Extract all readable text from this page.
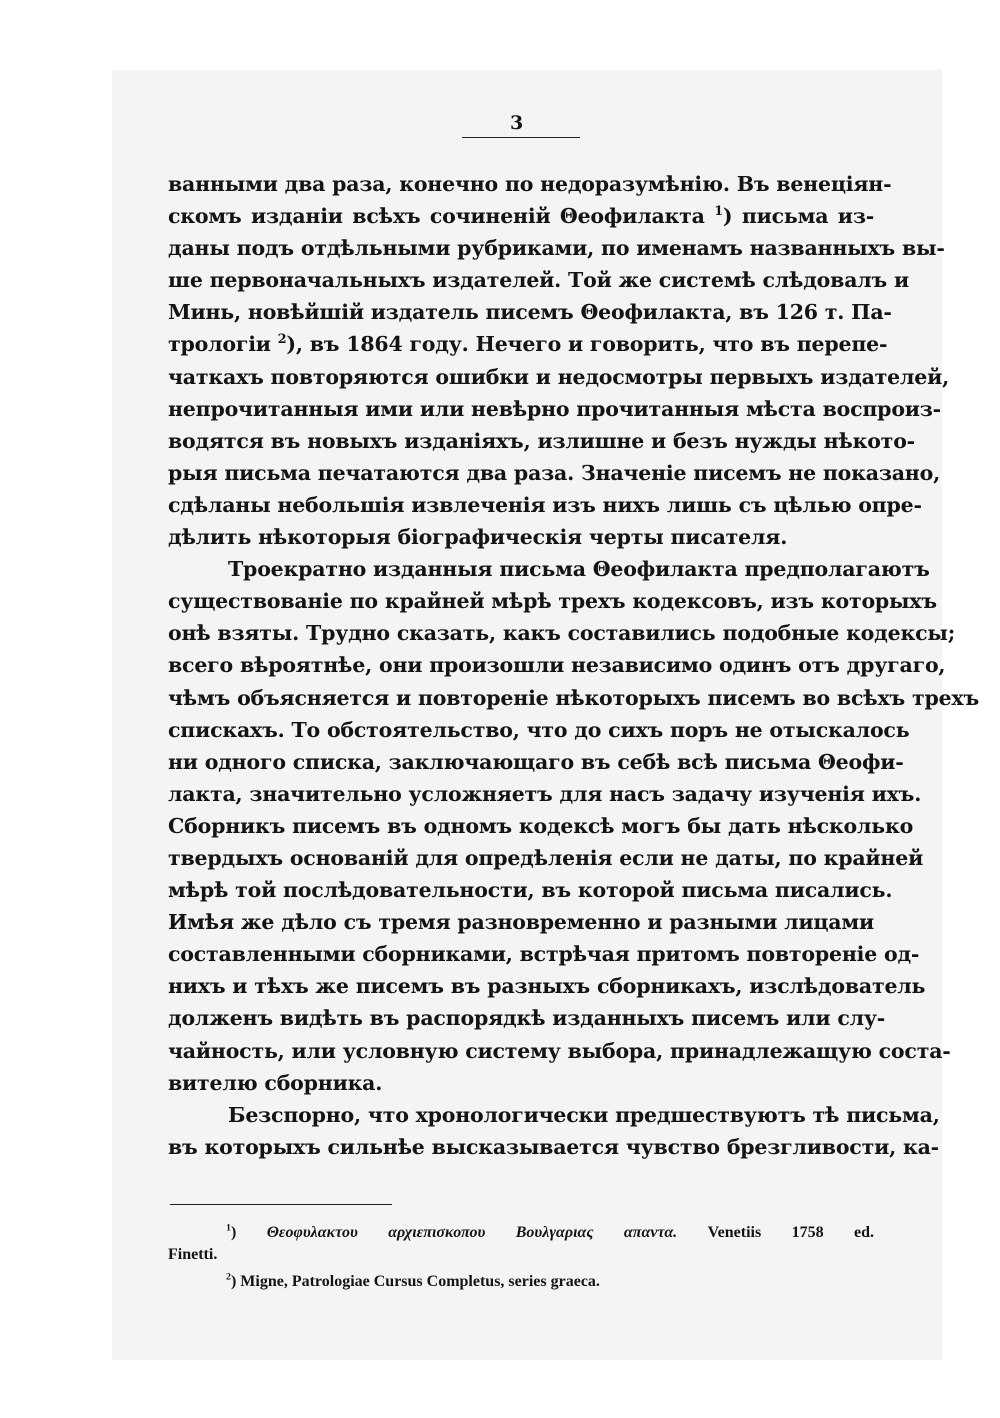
3
ванными два раза, конечно по недоразумѣнію. Въ венеціян-
скомъ изданіи всѣхъ сочиненій Θеофилакта $^1$) письма из-
даны подъ отдѣльными рубриками, по именамъ названныхъ вы-
ше первоначальныхъ издателей. Той же системѣ слѣдовалъ и
Минь, новѣйшій издатель писемъ Θеофилакта, въ 126 т. Па-
трологіи $^2$), въ 1864 году. Нечего и говорить, что въ перепе-
чаткахъ повторяются ошибки и недосмотры первыхъ издателей,
непрочитанныя ими или невѣрно прочитанныя мѣста воспроиз-
водятся въ новыхъ изданіяхъ, излишне и безъ нужды нѣкото-
рыя письма печатаются два раза. Значеніе писемъ не показано,
сдѣланы небольшія извлеченія изъ нихъ лишь съ цѣлью опре-
дѣлить нѣкоторыя біографическія черты писателя.
Троекратно изданныя письма Θеофилакта предполагаютъ
существованіе по крайней мѣрѣ трехъ кодексовъ, изъ которыхъ
онѣ взяты. Трудно сказать, какъ составились подобные кодексы;
всего вѣроятнѣе, они произошли независимо одинъ отъ другаго,
чѣмъ объясняется и повтореніе нѣкоторыхъ писемъ во всѣхъ трехъ
спискахъ. То обстоятельство, что до сихъ поръ не отыскалось
ни одного списка, заключающаго въ себѣ всѣ письма Θеофи-
лакта, значительно усложняетъ для насъ задачу изученія ихъ.
Сборникъ писемъ въ одномъ кодексѣ могъ бы дать нѣсколько
твердыхъ основаній для опредѣленія если не даты, по крайней
мѣрѣ той послѣдовательности, въ которой письма писались.
Имѣя же дѣло съ тремя разновременно и разными лицами
составленными сборниками, встрѣчая притомъ повтореніе од-
нихъ и тѣхъ же писемъ въ разныхъ сборникахъ, изслѣдователь
долженъ видѣть въ распорядкѣ изданныхъ писемъ или слу-
чайность, или условную систему выбора, принадлежащую соста-
вителю сборника.
Безспорно, что хронологически предшествуютъ тѣ письма,
въ которыхъ сильнѣе высказывается чувство брезгливости, ка-
$^1$) Θεοφυλακτου αρχιεπισκοπου Βουλγαριας απαντα. Venetiis 1758 ed.
Finetti.
$^2$) Migne, Patrologiae Cursus Completus, series graeca.
